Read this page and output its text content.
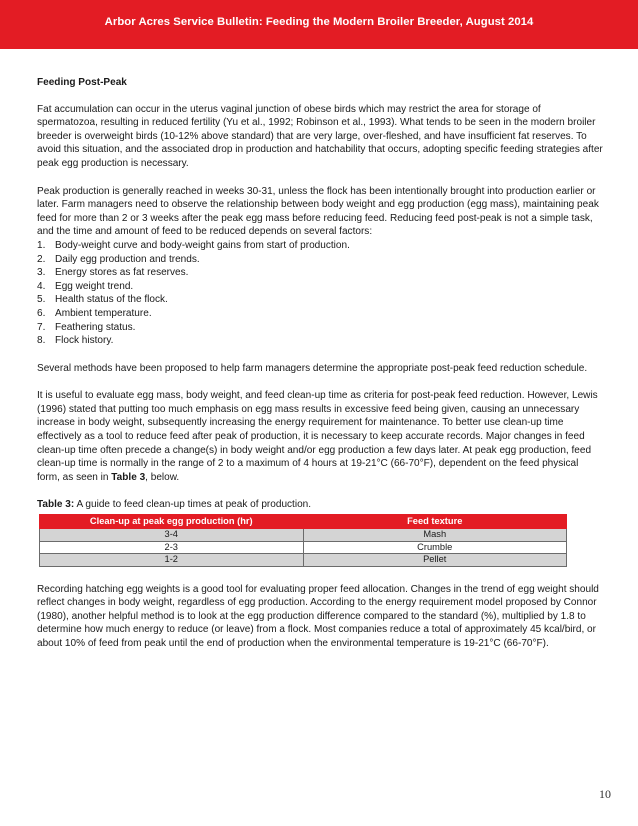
Arbor Acres Service Bulletin: Feeding the Modern Broiler Breeder, August 2014

Feeding Post-Peak

Fat accumulation can occur in the uterus vaginal junction of obese birds which may restrict the area for storage of spermatozoa, resulting in reduced fertility (Yu et al., 1992; Robinson et al., 1993). What tends to be seen in the modern broiler breeder is overweight birds (10-12% above standard) that are very large, over-fleshed, and have insufficient fat reserves. To avoid this situation, and the associated drop in production and hatchability that occurs, adopting specific feeding strategies after peak egg production is necessary.

Peak production is generally reached in weeks 30-31, unless the flock has been intentionally brought into production earlier or later. Farm managers need to observe the relationship between body weight and egg production (egg mass), maintaining peak feed for more than 2 or 3 weeks after the peak egg mass before reducing feed. Reducing feed post-peak is not a simple task, and the time and amount of feed to be reduced depends on several factors:

1. Body-weight curve and body-weight gains from start of production.
2. Daily egg production and trends.
3. Energy stores as fat reserves.
4. Egg weight trend.
5. Health status of the flock.
6. Ambient temperature.
7. Feathering status.
8. Flock history.

Several methods have been proposed to help farm managers determine the appropriate post-peak feed reduction schedule.

It is useful to evaluate egg mass, body weight, and feed clean-up time as criteria for post-peak feed reduction. However, Lewis (1996) stated that putting too much emphasis on egg mass results in excessive feed being given, causing an unnecessary increase in body weight, subsequently increasing the energy requirement for maintenance. To better use clean-up time effectively as a tool to reduce feed after peak of production, it is necessary to keep accurate records. Major changes in feed clean-up time often precede a change(s) in body weight and/or egg production a few days later. At peak egg production, feed clean-up time is normally in the range of 2 to a maximum of 4 hours at 19-21°C (66-70°F), dependent on the feed physical form, as seen in Table 3, below.

Table 3: A guide to feed clean-up times at peak of production.

Clean-up at peak egg production (hr)	Feed texture
3-4	Mash
2-3	Crumble
1-2	Pellet

Recording hatching egg weights is a good tool for evaluating proper feed allocation. Changes in the trend of egg weight should reflect changes in body weight, regardless of egg production. According to the energy requirement model proposed by Connor (1980), another helpful method is to look at the egg production difference compared to the standard (%), multiplied by 1.8 to determine how much energy to reduce (or leave) from a flock. Most companies reduce a total of approximately 45 kcal/bird, or about 10% of feed from peak until the end of production when the environmental temperature is 19-21°C (66-70°F).

10
